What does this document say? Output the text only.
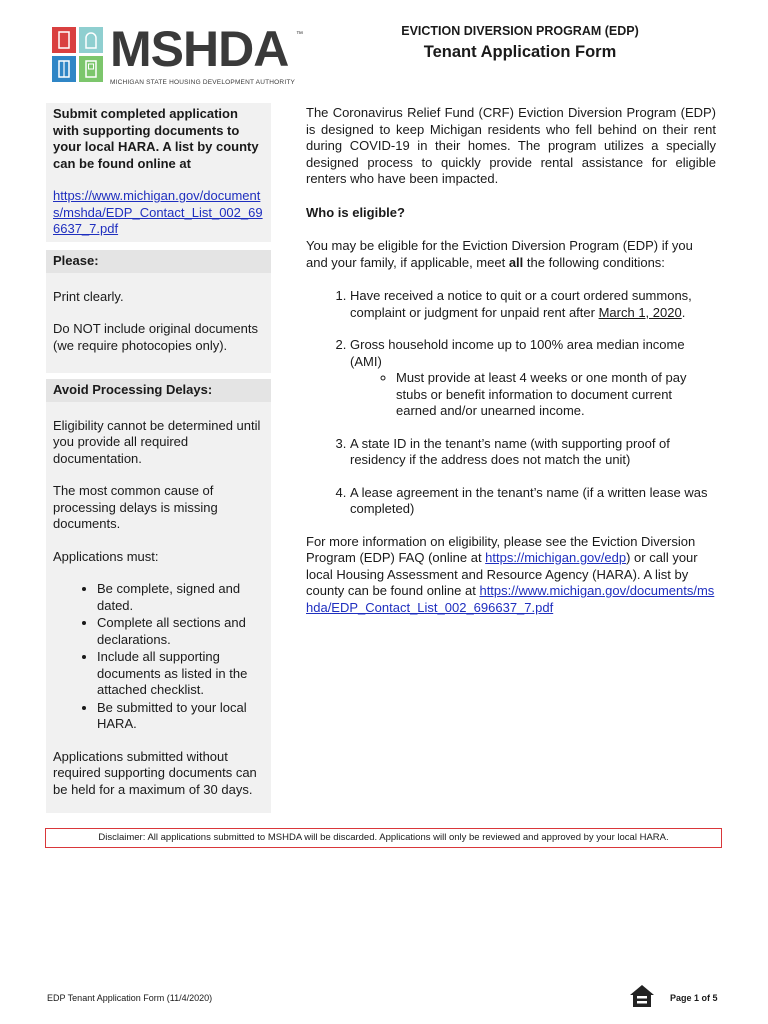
MSHDA ™
MICHIGAN STATE HOUSING DEVELOPMENT AUTHORITY
EVICTION DIVERSION PROGRAM (EDP)
Tenant Application Form

Submit completed application with supporting documents to your local HARA. A list by county can be found online at

https://www.michigan.gov/documents/mshda/EDP_Contact_List_002_696637_7.pdf

Please:

Print clearly.

Do NOT include original documents (we require photocopies only).

Avoid Processing Delays:

Eligibility cannot be determined until you provide all required documentation.

The most common cause of processing delays is missing documents.

Applications must:

• Be complete, signed and dated.
• Complete all sections and declarations.
• Include all supporting documents as listed in the attached checklist.
• Be submitted to your local HARA.

Applications submitted without required supporting documents can be held for a maximum of 30 days.

The Coronavirus Relief Fund (CRF) Eviction Diversion Program (EDP) is designed to keep Michigan residents who fell behind on their rent during COVID-19 in their homes. The program utilizes a specially designed process to quickly provide rental assistance for eligible renters who have been impacted.

Who is eligible?

You may be eligible for the Eviction Diversion Program (EDP) if you and your family, if applicable, meet all the following conditions:

1. Have received a notice to quit or a court ordered summons, complaint or judgment for unpaid rent after March 1, 2020.
2. Gross household income up to 100% area median income (AMI)
◦ Must provide at least 4 weeks or one month of pay stubs or benefit information to document current earned and/or unearned income.
3. A state ID in the tenant’s name (with supporting proof of residency if the address does not match the unit)
4. A lease agreement in the tenant’s name (if a written lease was completed)

For more information on eligibility, please see the Eviction Diversion Program (EDP) FAQ (online at https://michigan.gov/edp) or call your local Housing Assessment and Resource Agency (HARA). A list by county can be found online at https://www.michigan.gov/documents/mshda/EDP_Contact_List_002_696637_7.pdf

Disclaimer: All applications submitted to MSHDA will be discarded. Applications will only be reviewed and approved by your local HARA.
EDP Tenant Application Form (11/4/2020)	Page 1 of 5
